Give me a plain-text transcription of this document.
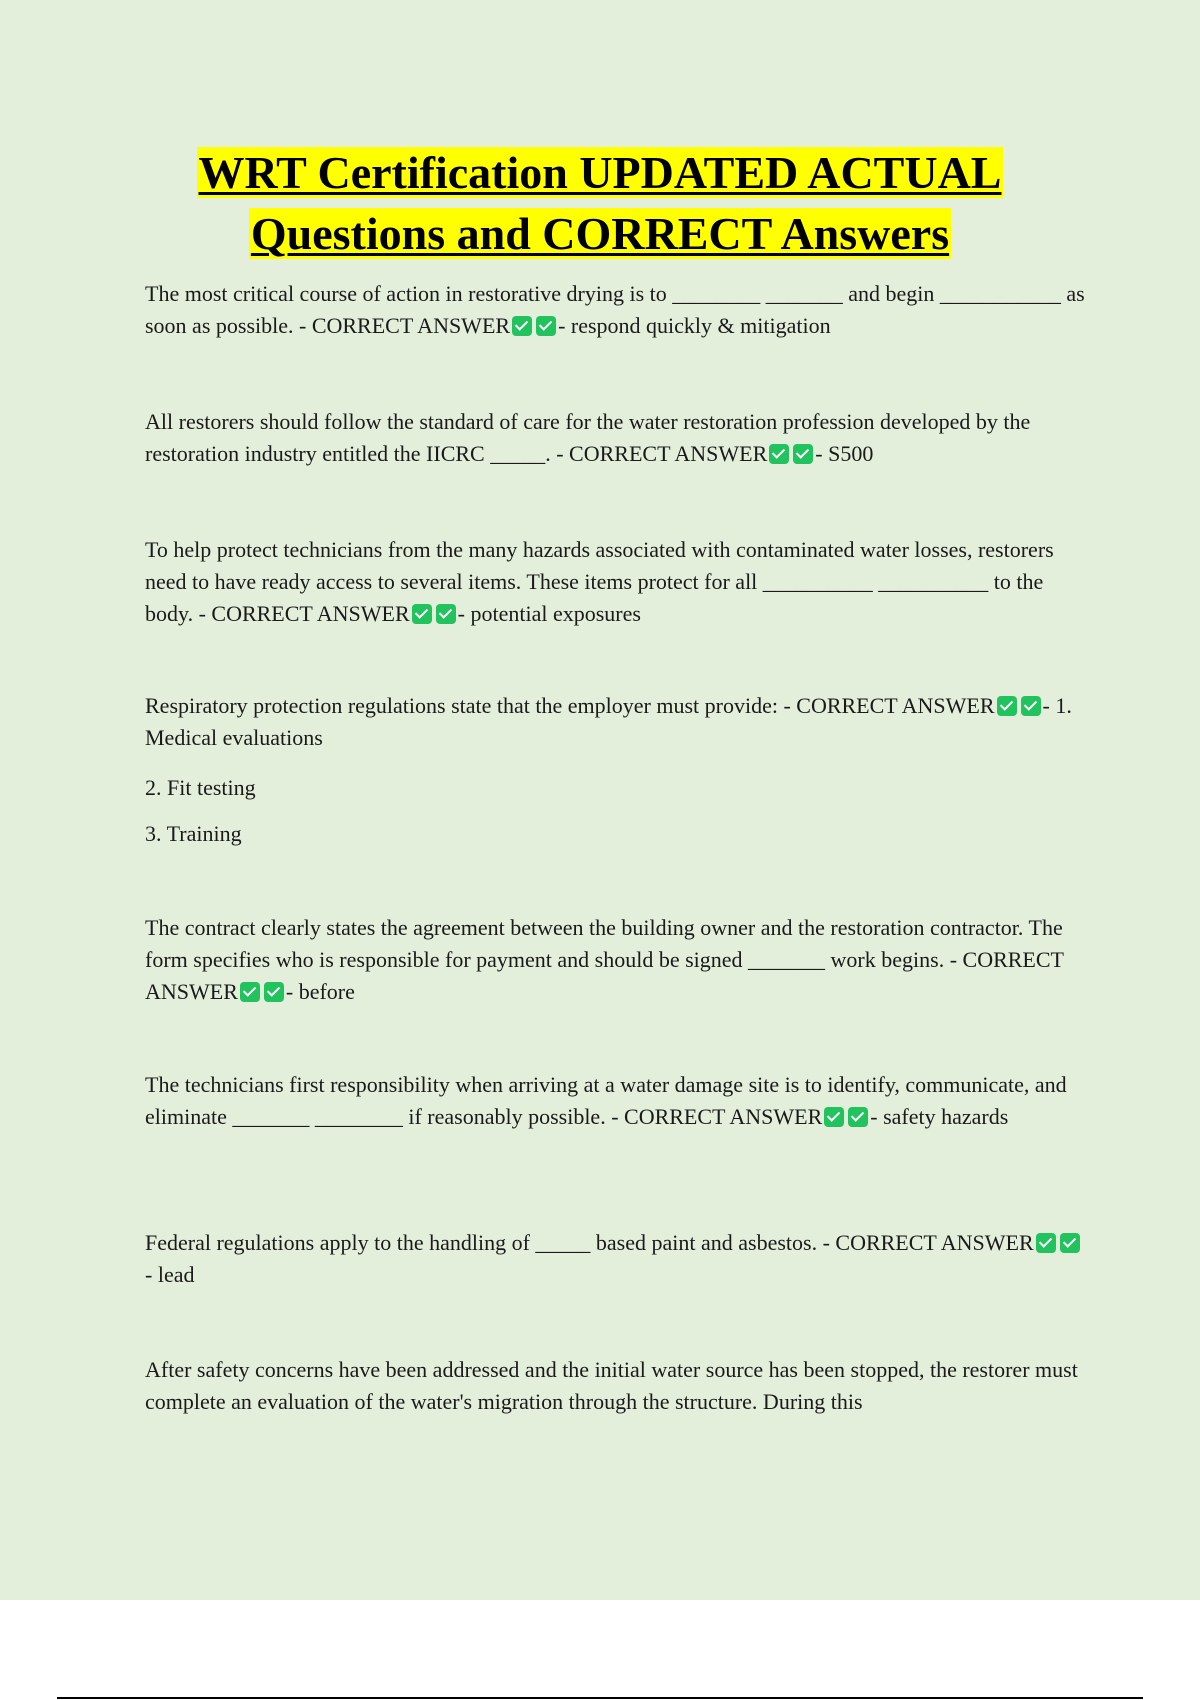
WRT Certification UPDATED ACTUAL
Questions and CORRECT Answers

The most critical course of action in restorative drying is to ________ _______ and begin ___________ as soon as possible. - CORRECT ANSWER - respond quickly & mitigation

All restorers should follow the standard of care for the water restoration profession developed by the restoration industry entitled the IICRC _____. - CORRECT ANSWER - S500

To help protect technicians from the many hazards associated with contaminated water losses, restorers need to have ready access to several items. These items protect for all __________ __________ to the body. - CORRECT ANSWER - potential exposures

Respiratory protection regulations state that the employer must provide: - CORRECT ANSWER - 1. Medical evaluations

2. Fit testing
3. Training

The contract clearly states the agreement between the building owner and the restoration contractor. The form specifies who is responsible for payment and should be signed _______ work begins. - CORRECT ANSWER - before

The technicians first responsibility when arriving at a water damage site is to identify, communicate, and eliminate _______ ________ if reasonably possible. - CORRECT ANSWER - safety hazards

Federal regulations apply to the handling of _____ based paint and asbestos. - CORRECT ANSWER- lead

After safety concerns have been addressed and the initial water source has been stopped, the restorer must complete an evaluation of the water's migration through the structure. During this
